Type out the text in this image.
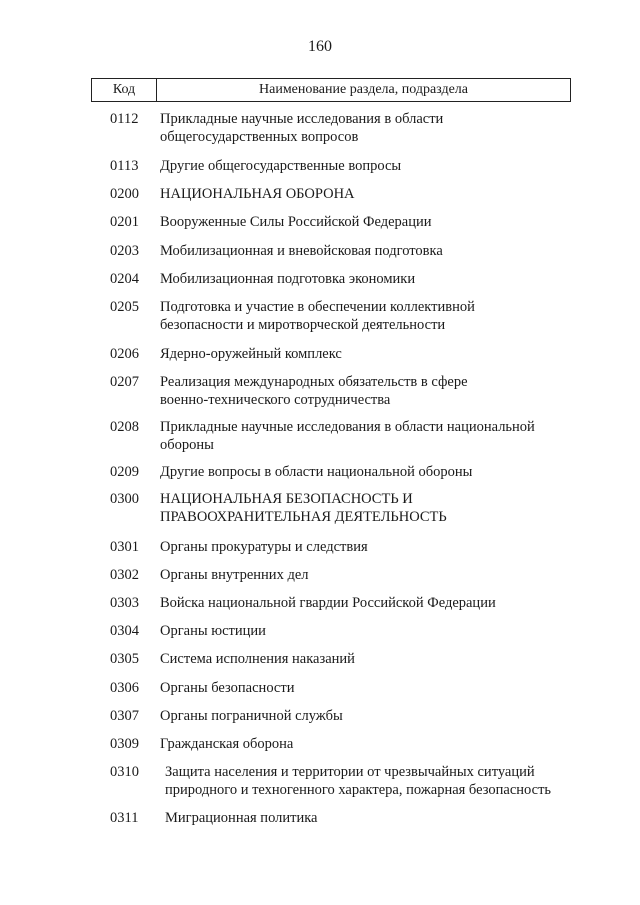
160
Код	Наименование раздела, подраздела
0112 Прикладные научные исследования в области общегосударственных вопросов
0113 Другие общегосударственные вопросы
0200 НАЦИОНАЛЬНАЯ ОБОРОНА
0201 Вооруженные Силы Российской Федерации
0203 Мобилизационная и вневойсковая подготовка
0204 Мобилизационная подготовка экономики
0205 Подготовка и участие в обеспечении коллективной безопасности и миротворческой деятельности
0206 Ядерно-оружейный комплекс
0207 Реализация международных обязательств в сфере военно-технического сотрудничества
0208 Прикладные научные исследования в области национальной обороны
0209 Другие вопросы в области национальной обороны
0300 НАЦИОНАЛЬНАЯ БЕЗОПАСНОСТЬ И ПРАВООХРАНИТЕЛЬНАЯ ДЕЯТЕЛЬНОСТЬ
0301 Органы прокуратуры и следствия
0302 Органы внутренних дел
0303 Войска национальной гвардии Российской Федерации
0304 Органы юстиции
0305 Система исполнения наказаний
0306 Органы безопасности
0307 Органы пограничной службы
0309 Гражданская оборона
0310 Защита населения и территории от чрезвычайных ситуаций природного и техногенного характера, пожарная безопасность
0311 Миграционная политика
